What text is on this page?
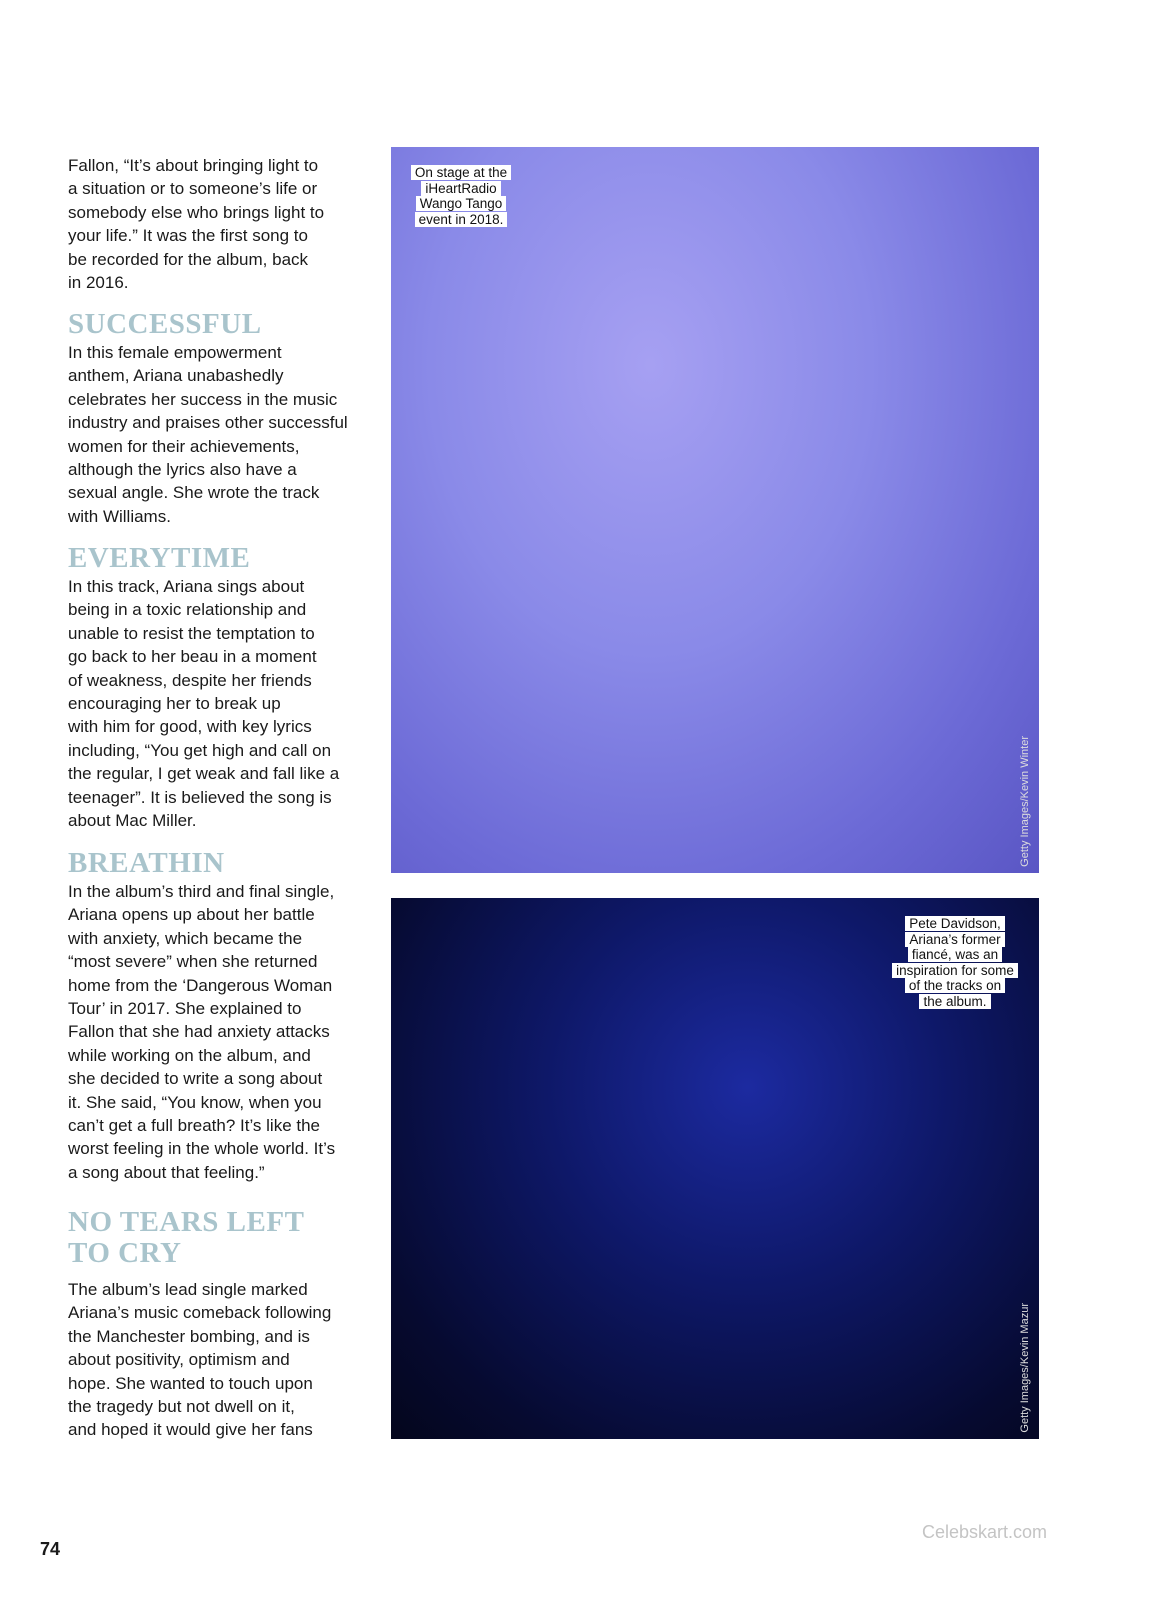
Fallon, “It’s about bringing light to
a situation or to someone’s life or
somebody else who brings light to
your life.” It was the first song to
be recorded for the album, back
in 2016.
SUCCESSFUL
In this female empowerment
anthem, Ariana unabashedly
celebrates her success in the music
industry and praises other successful
women for their achievements,
although the lyrics also have a
sexual angle. She wrote the track
with Williams.
EVERYTIME
In this track, Ariana sings about
being in a toxic relationship and
unable to resist the temptation to
go back to her beau in a moment
of weakness, despite her friends
encouraging her to break up
with him for good, with key lyrics
including, “You get high and call on
the regular, I get weak and fall like a
teenager”. It is believed the song is
about Mac Miller.
BREATHIN
In the album’s third and final single,
Ariana opens up about her battle
with anxiety, which became the
“most severe” when she returned
home from the ‘Dangerous Woman
Tour’ in 2017. She explained to
Fallon that she had anxiety attacks
while working on the album, and
she decided to write a song about
it. She said, “You know, when you
can’t get a full breath? It’s like the
worst feeling in the whole world. It’s
a song about that feeling.”
NO TEARS LEFT
TO CRY
The album’s lead single marked
Ariana’s music comeback following
the Manchester bombing, and is
about positivity, optimism and
hope. She wanted to touch upon
the tragedy but not dwell on it,
and hoped it would give her fans
On stage at the
iHeartRadio
Wango Tango
event in 2018.
Getty Images/Kevin Winter
Pete Davidson,
Ariana’s former
fiancé, was an
inspiration for some
of the tracks on
the album.
Getty Images/Kevin Mazur
74
Celebskart.com
